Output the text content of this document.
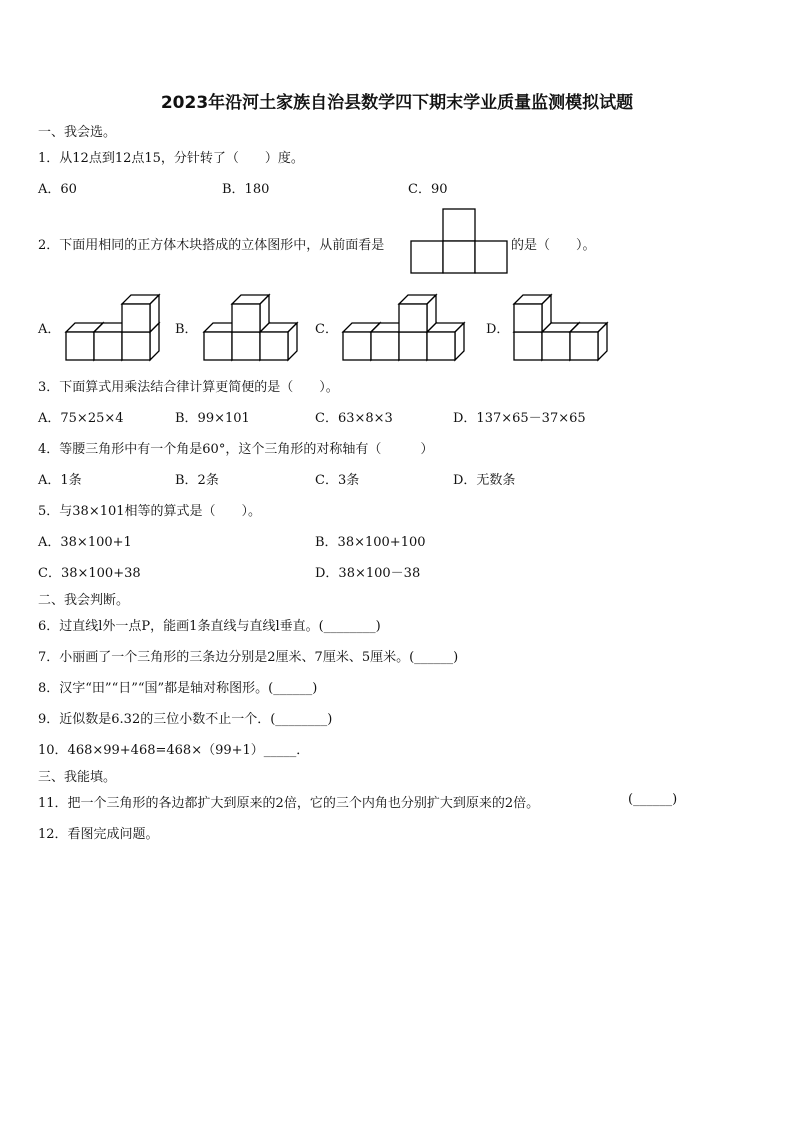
2023年沿河土家族自治县数学四下期末学业质量监测模拟试题
一、我会选。
1．从12点到12点15，分针转了（　　）度。
A．60	B．180	C．90
2．下面用相同的正方体木块搭成的立体图形中，从前面看是	的是（　　）。
A．	B．	C．	D．
3．下面算式用乘法结合律计算更简便的是（　　）。
A．75×25×4	B．99×101	C．63×8×3	D．137×65－37×65
4．等腰三角形中有一个角是60°，这个三角形的对称轴有（　　　）
A．1条	B．2条	C．3条	D．无数条
5．与38×101相等的算式是（　　）。
A．38×100+1	B．38×100+100
C．38×100+38	D．38×100－38
二、我会判断。
6．过直线l外一点P，能画1条直线与直线l垂直。(________)
7．小丽画了一个三角形的三条边分别是2厘米、7厘米、5厘米。(______)
8．汉字“田”“日”“国”都是轴对称图形。(______)
9．近似数是6.32的三位小数不止一个．(________)
10．468×99+468=468×（99+1）_____．
三、我能填。
11．把一个三角形的各边都扩大到原来的2倍，它的三个内角也分别扩大到原来的2倍。	(______)
12．看图完成问题。
